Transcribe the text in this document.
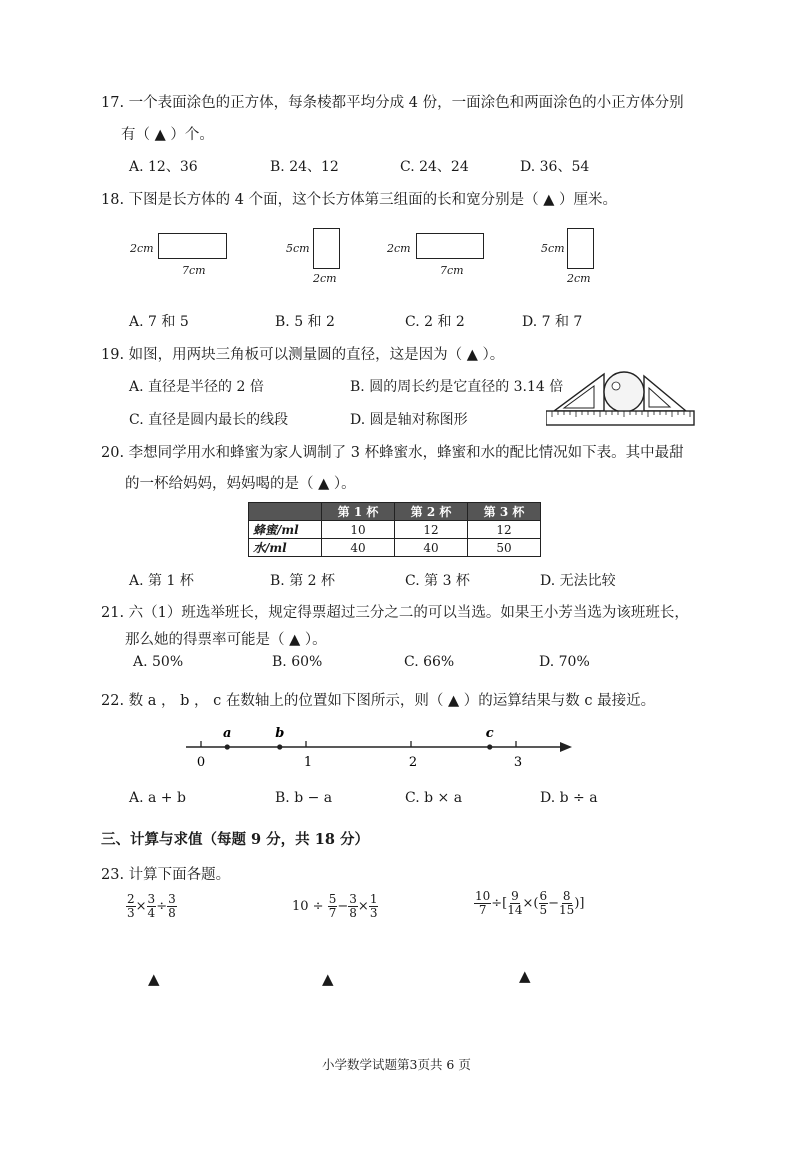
17. 一个表面涂色的正方体，每条棱都平均分成 4 份，一面涂色和两面涂色的小正方体分别
有（ ▲ ）个。
A. 12、36	B. 24、12	C. 24、24	D. 36、54
18. 下图是长方体的 4 个面，这个长方体第三组面的长和宽分别是（ ▲ ）厘米。
2cm
7cm
5cm
2cm
2cm
7cm
5cm
2cm
A. 7 和 5	B. 5 和 2	C. 2 和 2	D. 7 和 7
19. 如图，用两块三角板可以测量圆的直径，这是因为（ ▲ ）。
A. 直径是半径的 2 倍	B. 圆的周长约是它直径的 3.14 倍
C. 直径是圆内最长的线段	D. 圆是轴对称图形
20. 李想同学用水和蜂蜜为家人调制了 3 杯蜂蜜水，蜂蜜和水的配比情况如下表。其中最甜
的一杯给妈妈，妈妈喝的是（ ▲ ）。
	第 1 杯	第 2 杯	第 3 杯
蜂蜜/ml	10	12	12
水/ml	40	40	50
A. 第 1 杯	B. 第 2 杯	C. 第 3 杯	D. 无法比较
21. 六（1）班选举班长，规定得票超过三分之二的可以当选。如果王小芳当选为该班班长，
那么她的得票率可能是（ ▲ ）。
A. 50%	B. 60%	C. 66%	D. 70%
22. 数 a ， b ， c 在数轴上的位置如下图所示，则（ ▲ ）的运算结果与数 c 最接近。
0	1	2	3
a	b	c
A. a + b	B. b − a	C. b × a	D. b ÷ a
三、计算与求值（每题 9 分，共 18 分）
23. 计算下面各题。
$\frac{2}{3} \times \frac{3}{4} \div \frac{3}{8}$	10 ÷
$\frac{5}{7} - \frac{3}{8} \times \frac{1}{3}$	$\frac{10}{7}$ ÷[ $\frac{9}{14}$ ×( $\frac{6}{5} - \frac{8}{15}$ )]
▲	▲	▲
小学数学试题第3页共 6 页
